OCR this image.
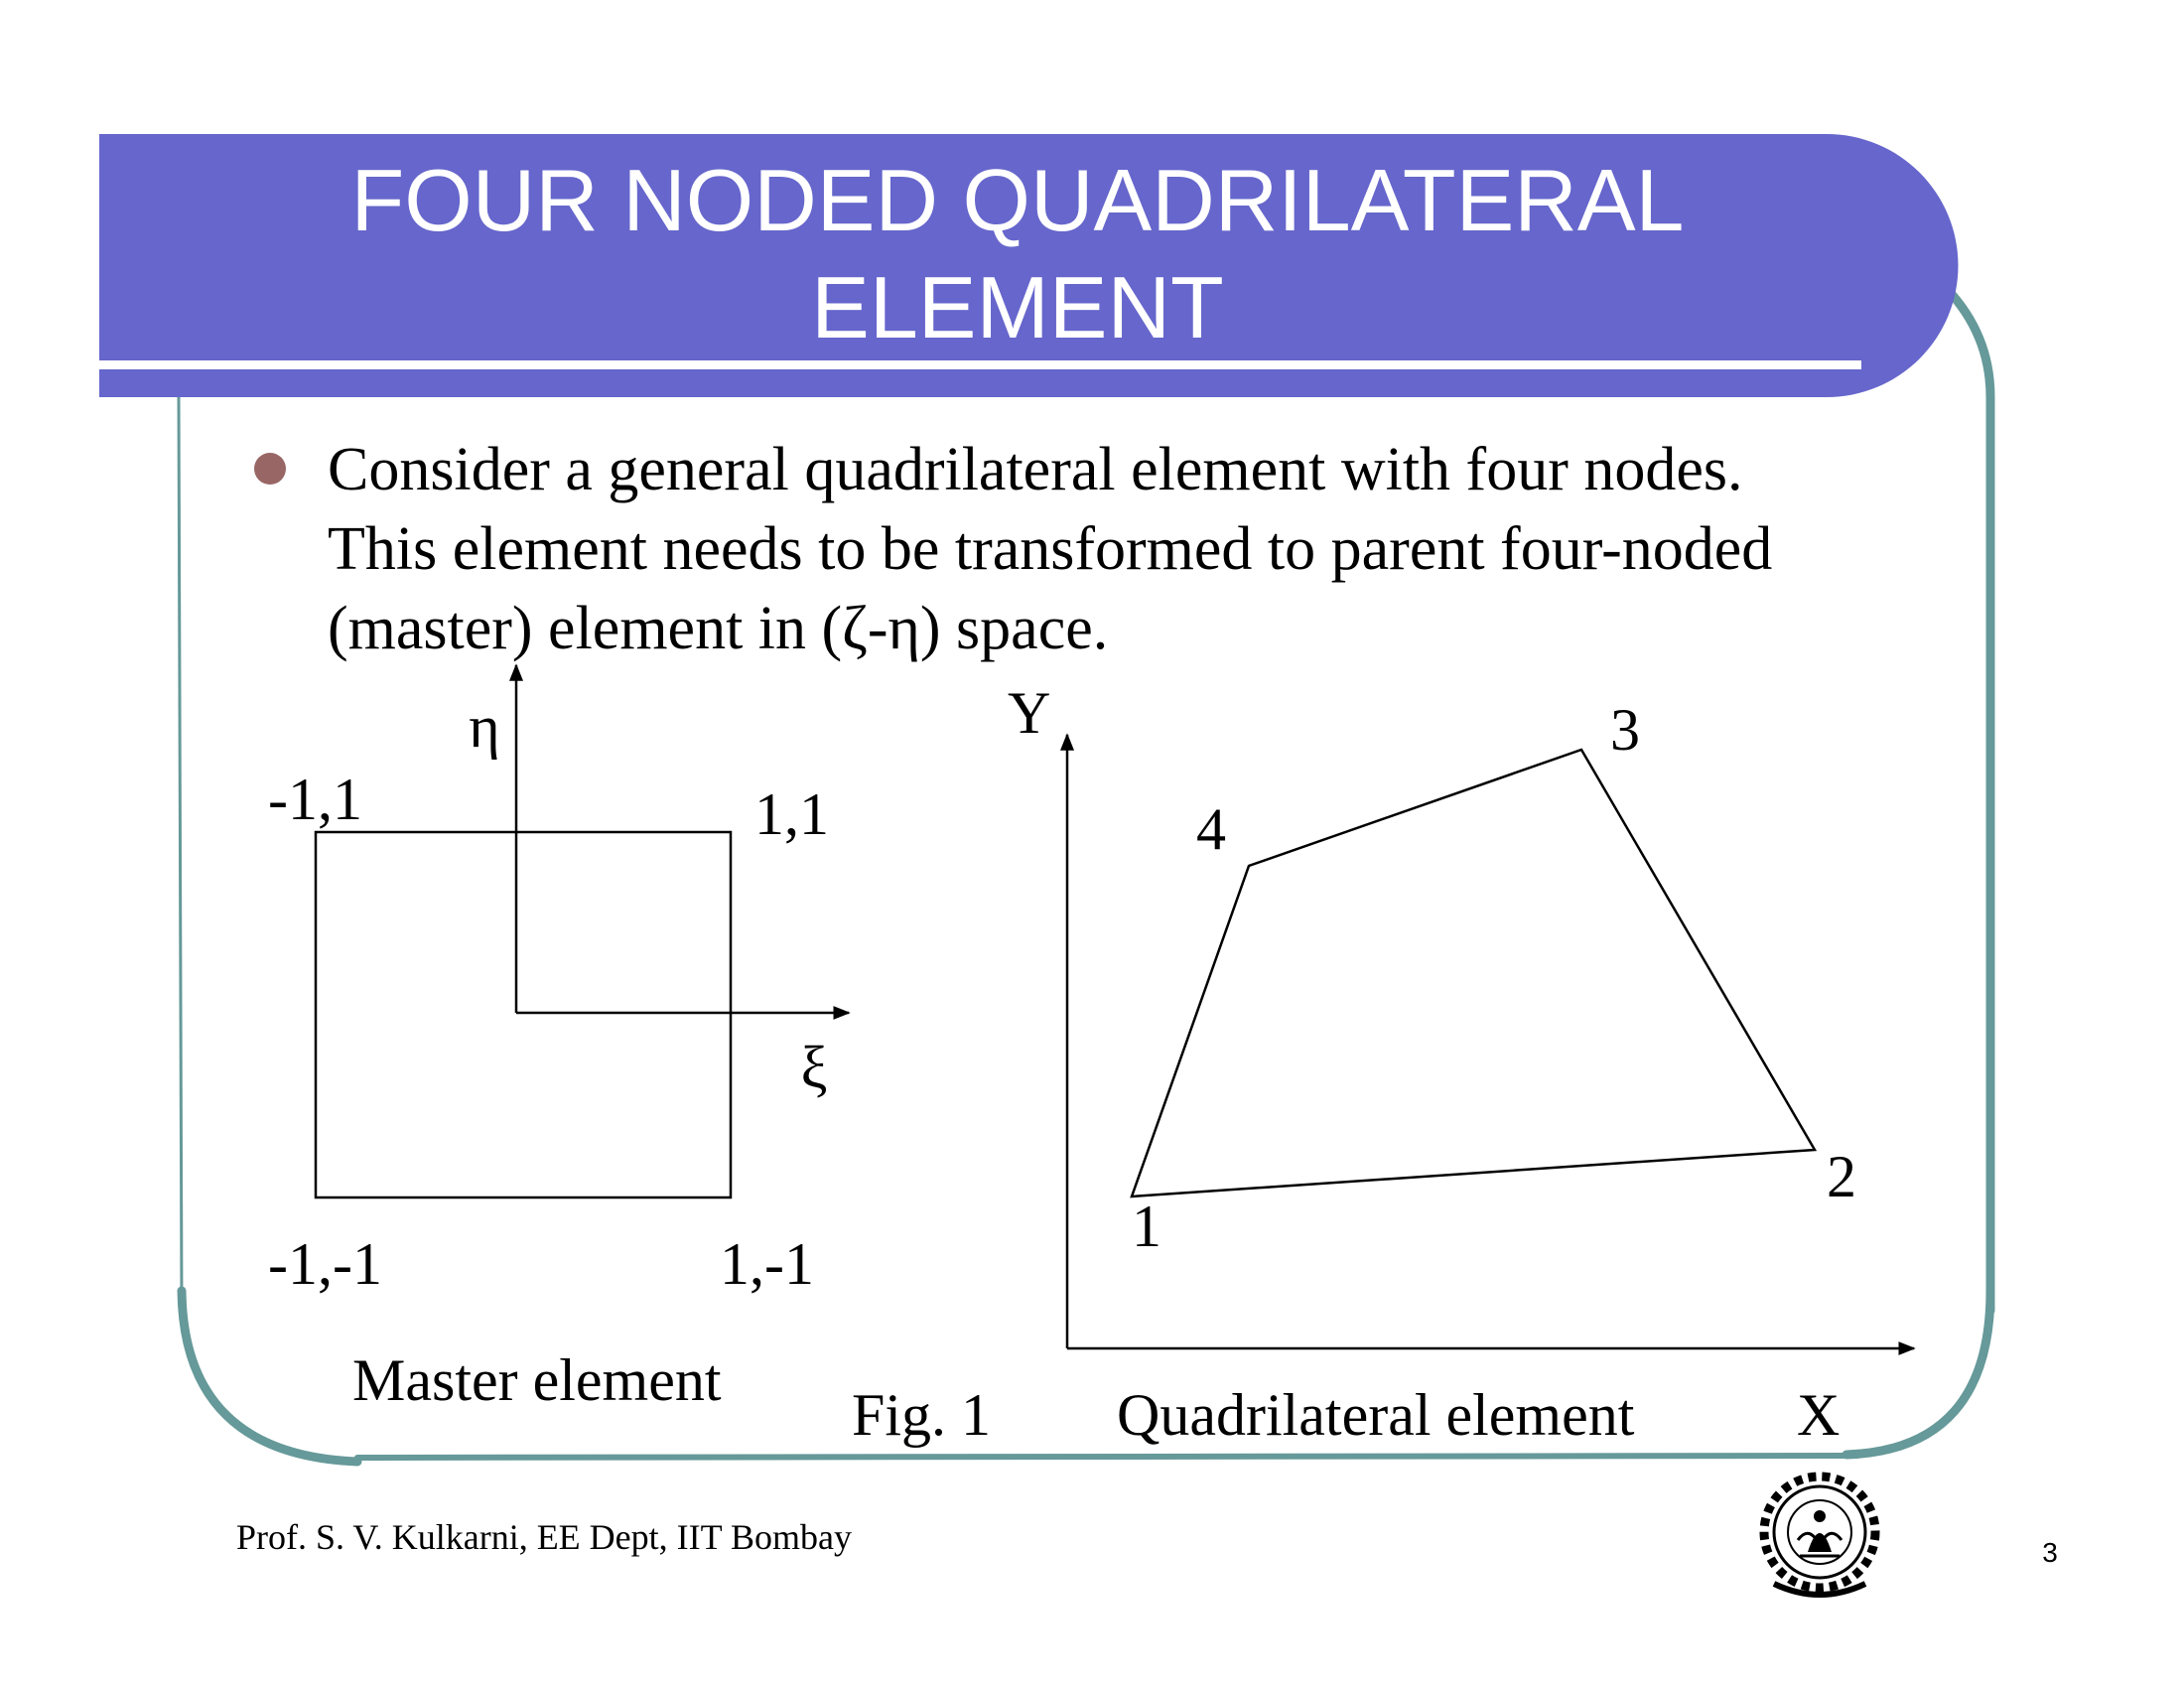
FOUR NODED QUADRILATERAL
ELEMENT
Consider a general quadrilateral element with four nodes.
This element needs to be transformed to parent four-noded
(master) element in (ζ-η) space.
η
ξ
-1,1	1,1
-1,-1	1,-1
Master element
Fig. 1
Y
X
1
2
3
4
Quadrilateral element
Prof. S. V. Kulkarni, EE Dept, IIT Bombay	3
